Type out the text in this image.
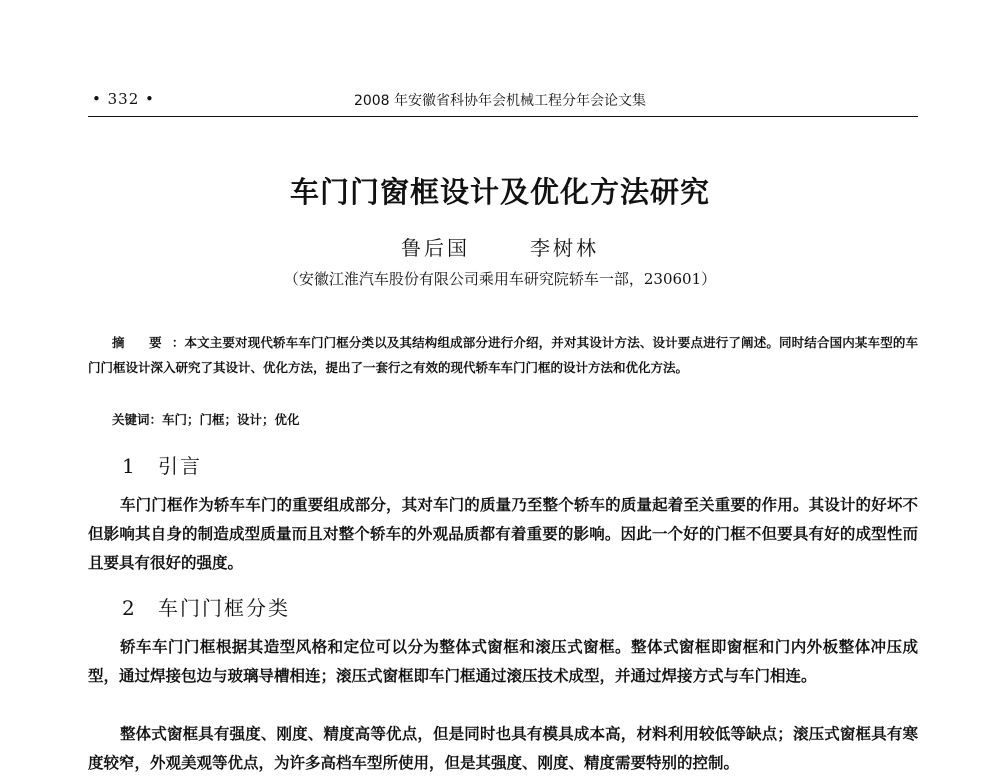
• 332 •	2008 年安徽省科协年会机械工程分年会论文集
车门门窗框设计及优化方法研究
鲁后国	李树林
（安徽江淮汽车股份有限公司乘用车研究院轿车一部，230601）
摘 要：本文主要对现代轿车车门门框分类以及其结构组成部分进行介绍，并对其设计方法、设计要点进行了阐述。同时结合国内某车型的车门门框设计深入研究了其设计、优化方法，提出了一套行之有效的现代轿车车门门框的设计方法和优化方法。
关键词：车门；门框；设计；优化
1 引言
车门门框作为轿车车门的重要组成部分，其对车门的质量乃至整个轿车的质量起着至关重要的作用。其设计的好坏不但影响其自身的制造成型质量而且对整个轿车的外观品质都有着重要的影响。因此一个好的门框不但要具有好的成型性而且要具有很好的强度。
2 车门门框分类
轿车车门门框根据其造型风格和定位可以分为整体式窗框和滚压式窗框。整体式窗框即窗框和门内外板整体冲压成型，通过焊接包边与玻璃导槽相连；滚压式窗框即车门框通过滚压技术成型，并通过焊接方式与车门相连。
整体式窗框具有强度、刚度、精度高等优点，但是同时也具有模具成本高，材料利用较低等缺点；滚压式窗框具有寒度较窄，外观美观等优点，为许多高档车型所使用，但是其强度、刚度、精度需要特别的控制。
